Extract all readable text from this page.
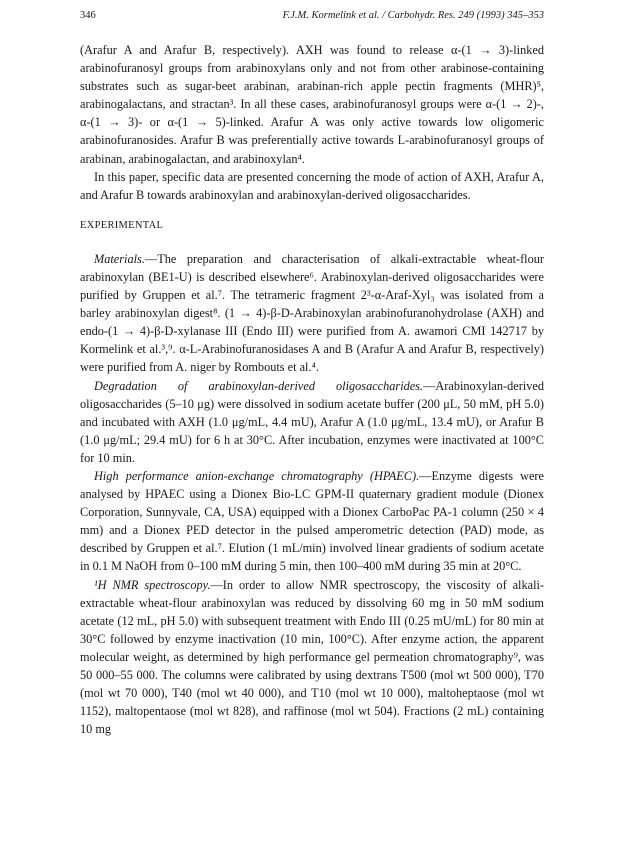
346	F.J.M. Kormelink et al. / Carbohydr. Res. 249 (1993) 345–353

(Arafur A and Arafur B, respectively). AXH was found to release α-(1 → 3)-linked arabinofuranosyl groups from arabinoxylans only and not from other arabinose-containing substrates such as sugar-beet arabinan, arabinan-rich apple pectin fragments (MHR)⁵, arabinogalactans, and stractan³. In all these cases, arabinofuranosyl groups were α-(1 → 2)-, α-(1 → 3)- or α-(1 → 5)-linked. Arafur A was only active towards low oligomeric arabinofuranosides. Arafur B was preferentially active towards L-arabinofuranosyl groups of arabinan, arabinogalactan, and arabinoxylan⁴.

In this paper, specific data are presented concerning the mode of action of AXH, Arafur A, and Arafur B towards arabinoxylan and arabinoxylan-derived oligosaccharides.

EXPERIMENTAL

Materials.—The preparation and characterisation of alkali-extractable wheat-flour arabinoxylan (BE1-U) is described elsewhere⁶. Arabinoxylan-derived oligosaccharides were purified by Gruppen et al.⁷. The tetrameric fragment 2³-α-Araf-Xyl₃ was isolated from a barley arabinoxylan digest⁸. (1 → 4)-β-D-Arabinoxylan arabinofuranohydrolase (AXH) and endo-(1 → 4)-β-D-xylanase III (Endo III) were purified from A. awamori CMI 142717 by Kormelink et al.³,⁹. α-L-Arabinofuranosidases A and B (Arafur A and Arafur B, respectively) were purified from A. niger by Rombouts et al.⁴.

Degradation of arabinoxylan-derived oligosaccharides.—Arabinoxylan-derived oligosaccharides (5–10 μg) were dissolved in sodium acetate buffer (200 μL, 50 mM, pH 5.0) and incubated with AXH (1.0 μg/mL, 4.4 mU), Arafur A (1.0 μg/mL, 13.4 mU), or Arafur B (1.0 μg/mL; 29.4 mU) for 6 h at 30°C. After incubation, enzymes were inactivated at 100°C for 10 min.

High performance anion-exchange chromatography (HPAEC).—Enzyme digests were analysed by HPAEC using a Dionex Bio-LC GPM-II quaternary gradient module (Dionex Corporation, Sunnyvale, CA, USA) equipped with a Dionex CarboPac PA-1 column (250 × 4 mm) and a Dionex PED detector in the pulsed amperometric detection (PAD) mode, as described by Gruppen et al.⁷. Elution (1 mL/min) involved linear gradients of sodium acetate in 0.1 M NaOH from 0–100 mM during 5 min, then 100–400 mM during 35 min at 20°C.

¹H NMR spectroscopy.—In order to allow NMR spectroscopy, the viscosity of alkali-extractable wheat-flour arabinoxylan was reduced by dissolving 60 mg in 50 mM sodium acetate (12 mL, pH 5.0) with subsequent treatment with Endo III (0.25 mU/mL) for 80 min at 30°C followed by enzyme inactivation (10 min, 100°C). After enzyme action, the apparent molecular weight, as determined by high performance gel permeation chromatography⁹, was 50 000–55 000. The columns were calibrated by using dextrans T500 (mol wt 500 000), T70 (mol wt 70 000), T40 (mol wt 40 000), and T10 (mol wt 10 000), maltoheptaose (mol wt 1152), maltopentaose (mol wt 828), and raffinose (mol wt 504). Fractions (2 mL) containing 10 mg
